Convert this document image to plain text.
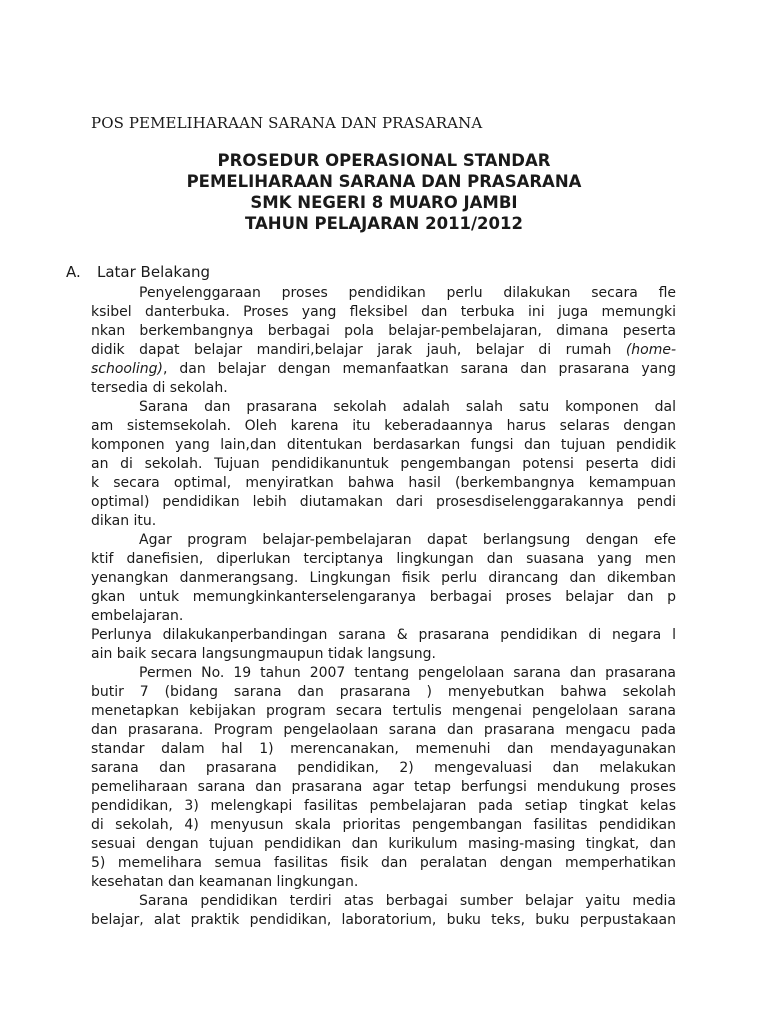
POS PEMELIHARAAN SARANA DAN PRASARANA
PROSEDUR OPERASIONAL STANDAR
PEMELIHARAAN SARANA DAN PRASARANA
SMK NEGERI 8 MUARO JAMBI
TAHUN PELAJARAN 2011/2012
A. Latar Belakang

Penyelenggaraan proses pendidikan perlu dilakukan secara fle

ksibel danterbuka. Proses yang fleksibel dan terbuka ini juga memungki

nkan berkembangnya berbagai pola belajar-pembelajaran, dimana peserta

didik dapat belajar mandiri,belajar jarak jauh, belajar di rumah (home-

schooling), dan belajar dengan memanfaatkan sarana dan prasarana yang

tersedia di sekolah.

Sarana dan prasarana sekolah adalah salah satu komponen dal

am sistemsekolah. Oleh karena itu keberadaannya harus selaras dengan

komponen yang lain,dan ditentukan berdasarkan fungsi dan tujuan pendidik

an di sekolah. Tujuan pendidikanuntuk pengembangan potensi peserta didi

k secara optimal, menyiratkan bahwa hasil (berkembangnya kemampuan

optimal) pendidikan lebih diutamakan dari prosesdiselenggarakannya pendi

dikan itu.

Agar program belajar-pembelajaran dapat berlangsung dengan efe

ktif danefisien, diperlukan terciptanya lingkungan dan suasana yang men

yenangkan danmerangsang. Lingkungan fisik perlu dirancang dan dikemban

gkan untuk memungkinkanterselengaranya berbagai proses belajar dan p

embelajaran.

Perlunya dilakukanperbandingan sarana & prasarana pendidikan di negara l

ain baik secara langsungmaupun tidak langsung.

Permen No. 19 tahun 2007 tentang pengelolaan sarana dan prasarana

butir 7 (bidang sarana dan prasarana ) menyebutkan bahwa sekolah

menetapkan kebijakan program secara tertulis mengenai pengelolaan sarana

dan prasarana. Program pengelaolaan sarana dan prasarana mengacu pada

standar dalam hal 1) merencanakan, memenuhi dan mendayagunakan

sarana dan prasarana pendidikan, 2) mengevaluasi dan melakukan

pemeliharaan sarana dan prasarana agar tetap berfungsi mendukung proses

pendidikan, 3) melengkapi fasilitas pembelajaran pada setiap tingkat kelas

di sekolah, 4) menyusun skala prioritas pengembangan fasilitas pendidikan

sesuai dengan tujuan pendidikan dan kurikulum masing-masing tingkat, dan

5) memelihara semua fasilitas fisik dan peralatan dengan memperhatikan

kesehatan dan keamanan lingkungan.

Sarana pendidikan terdiri atas berbagai sumber belajar yaitu media

belajar, alat praktik pendidikan, laboratorium, buku teks, buku perpustakaan
